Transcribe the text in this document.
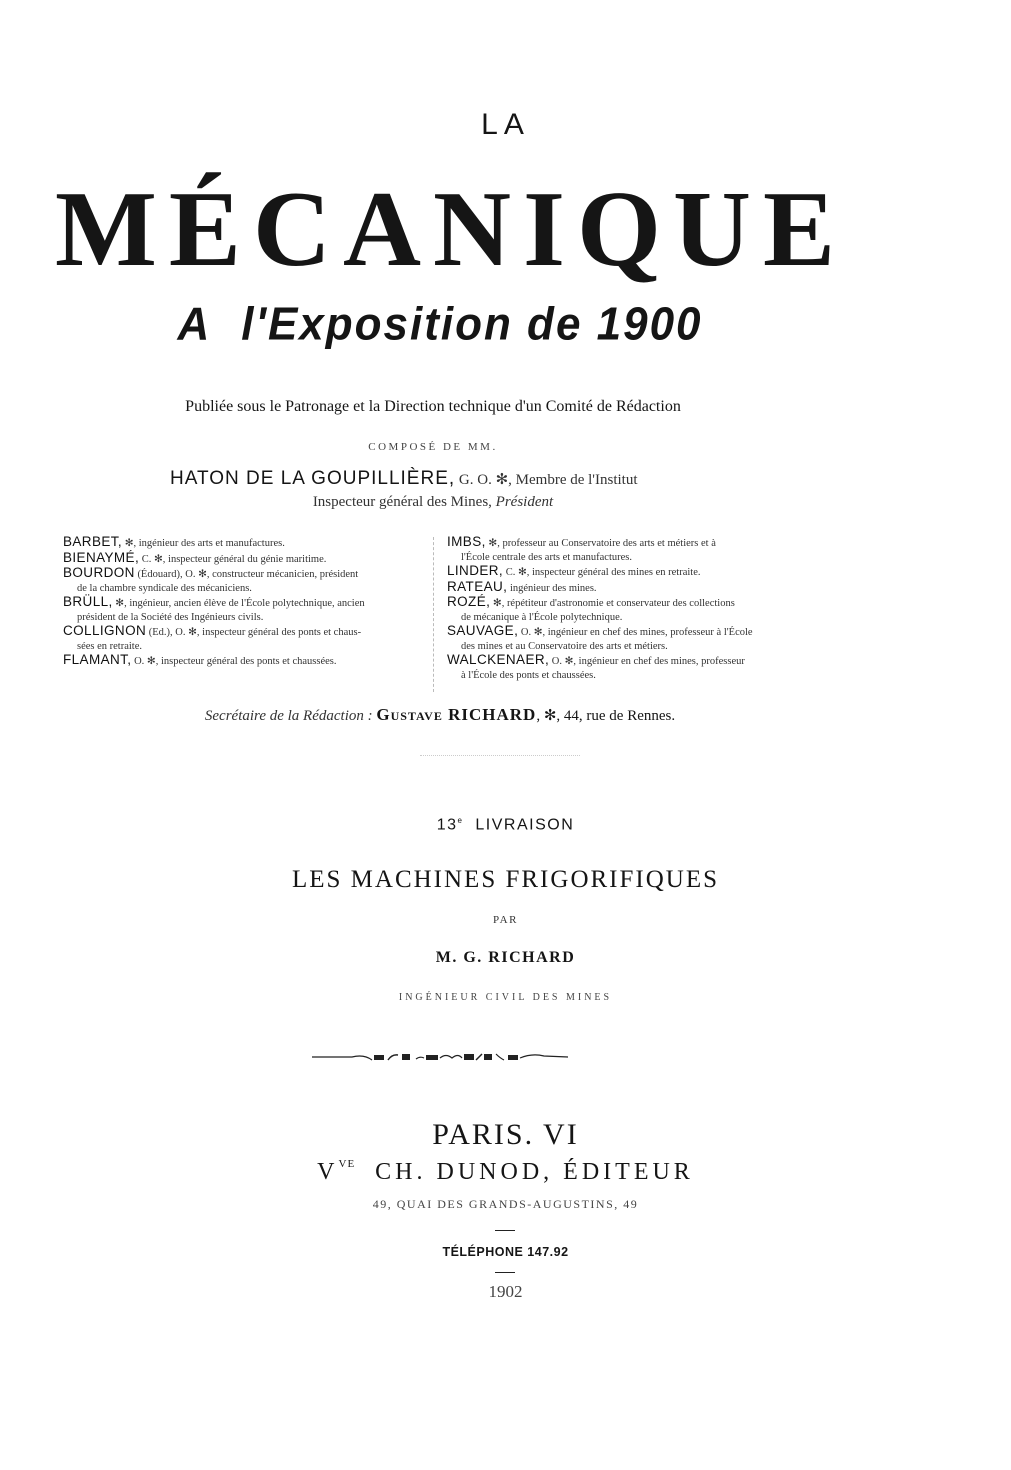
LA
MÉCANIQUE
A l'Exposition de 1900
Publiée sous le Patronage et la Direction technique d'un Comité de Rédaction
COMPOSÉ DE MM.
HATON DE LA GOUPILLIÈRE, G. O. ✻, Membre de l'Institut
Inspecteur général des Mines, Président
BARBET, ✻, ingénieur des arts et manufactures.
BIENAYMÉ, C. ✻, inspecteur général du génie maritime.
BOURDON (Édouard), O. ✻, constructeur mécanicien, président
de la chambre syndicale des mécaniciens.
BRÜLL, ✻, ingénieur, ancien élève de l'École polytechnique, ancien
président de la Société des Ingénieurs civils.
COLLIGNON (Ed.), O. ✻, inspecteur général des ponts et chaus-
sées en retraite.
FLAMANT, O. ✻, inspecteur général des ponts et chaussées.
IMBS, ✻, professeur au Conservatoire des arts et métiers et à
l'École centrale des arts et manufactures.
LINDER, C. ✻, inspecteur général des mines en retraite.
RATEAU, ingénieur des mines.
ROZÉ, ✻, répétiteur d'astronomie et conservateur des collections
de mécanique à l'École polytechnique.
SAUVAGE, O. ✻, ingénieur en chef des mines, professeur à l'École
des mines et au Conservatoire des arts et métiers.
WALCKENAER, O. ✻, ingénieur en chef des mines, professeur
à l'École des ponts et chaussées.
Secrétaire de la Rédaction : Gustave RICHARD, ✻, 44, rue de Rennes.
13e LIVRAISON
LES MACHINES FRIGORIFIQUES
PAR
M. G. RICHARD
INGÉNIEUR CIVIL DES MINES
PARIS. VI
$V^{VE}$ CH. DUNOD, ÉDITEUR
49, QUAI DES GRANDS-AUGUSTINS, 49
TÉLÉPHONE 147.92
1902
